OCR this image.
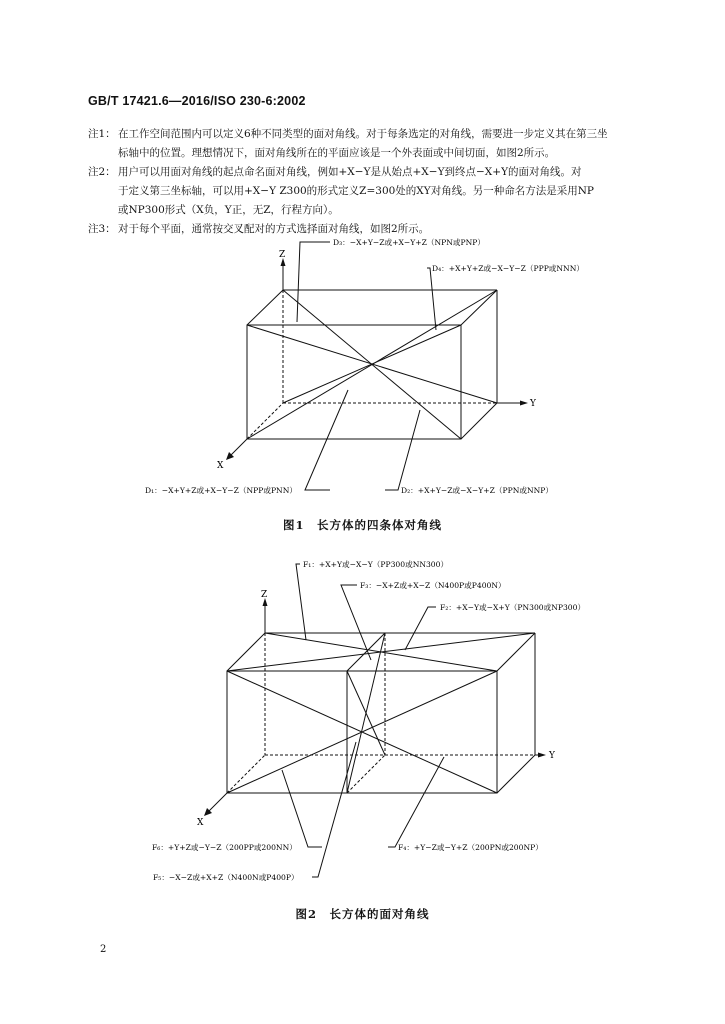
GB/T 17421.6—2016/ISO 230-6:2002
注1： 在工作空间范围内可以定义6种不同类型的面对角线。对于每条选定的对角线，需要进一步定义其在第三坐
标轴中的位置。理想情况下，面对角线所在的平面应该是一个外表面或中间切面，如图2所示。
注2： 用户可以用面对角线的起点命名面对角线，例如+X−Y是从始点+X−Y到终点−X+Y的面对角线。对
于定义第三坐标轴，可以用+X−Y Z300的形式定义Z=300处的XY对角线。另一种命名方法是采用NP
或NP300形式（X负，Y正，无Z，行程方向）。
注3： 对于每个平面，通常按交叉配对的方式选择面对角线，如图2所示。
Z
Y
X
D₃：−X+Y−Z或+X−Y+Z（NPN或PNP）
D₄：+X+Y+Z或−X−Y−Z（PPP或NNN）
D₁：−X+Y+Z或+X−Y−Z（NPP或PNN）	D₂：+X+Y−Z或−X−Y+Z（PPN或NNP）
图1　长方体的四条体对角线
Z
Y
X
F₁：+X+Y或−X−Y（PP300或NN300）
F₃：−X+Z或+X−Z（N400P或P400N）
F₂：+X−Y或−X+Y（PN300或NP300）
F₆：+Y+Z或−Y−Z（200PP或200NN）
F₅：−X−Z或+X+Z（N400N或P400P）
F₄：+Y−Z或−Y+Z（200PN或200NP）
图2　长方体的面对角线
2
